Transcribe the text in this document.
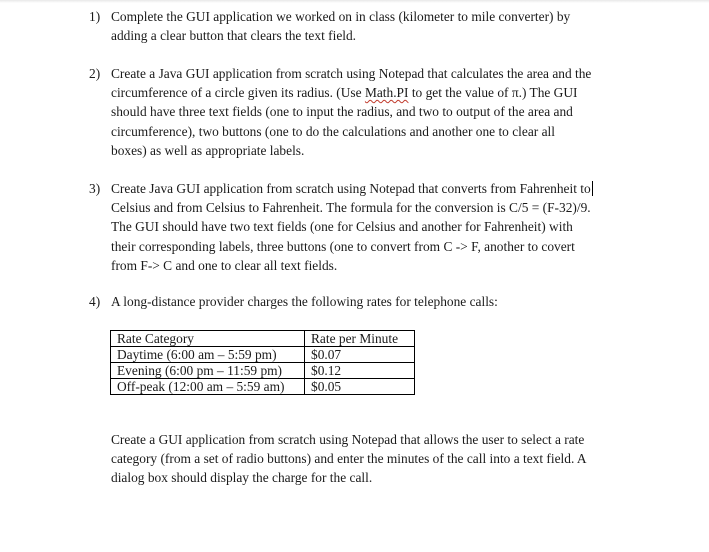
1) Complete the GUI application we worked on in class (kilometer to mile converter) by
adding a clear button that clears the text field.
2) Create a Java GUI application from scratch using Notepad that calculates the area and the
circumference of a circle given its radius. (Use Math.PI to get the value of π.) The GUI
should have three text fields (one to input the radius, and two to output of the area and
circumference), two buttons (one to do the calculations and another one to clear all
boxes) as well as appropriate labels.
3) Create Java GUI application from scratch using Notepad that converts from Fahrenheit to
Celsius and from Celsius to Fahrenheit. The formula for the conversion is C/5 = (F-32)/9.
The GUI should have two text fields (one for Celsius and another for Fahrenheit) with
their corresponding labels, three buttons (one to convert from C -> F, another to covert
from F-> C and one to clear all text fields.
4) A long-distance provider charges the following rates for telephone calls:
Rate Category	Rate per Minute
Daytime (6:00 am – 5:59 pm)	$0.07
Evening (6:00 pm – 11:59 pm)	$0.12
Off-peak (12:00 am – 5:59 am)	$0.05
Create a GUI application from scratch using Notepad that allows the user to select a rate
category (from a set of radio buttons) and enter the minutes of the call into a text field. A
dialog box should display the charge for the call.
